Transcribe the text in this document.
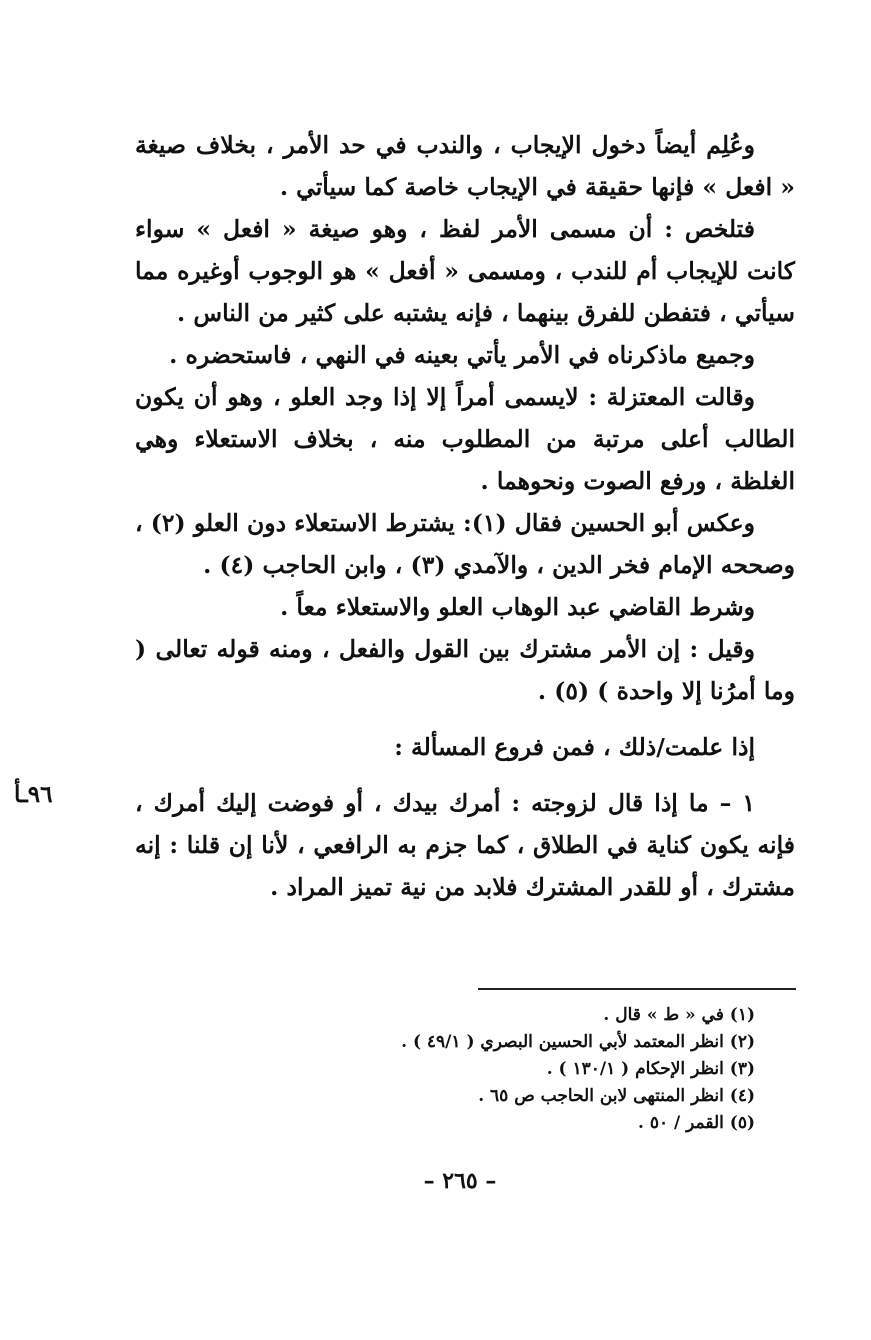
وعُلِم أيضاً دخول الإيجاب ، والندب في حد الأمر ، بخلاف صيغة « افعل » فإنها حقيقة في الإيجاب خاصة كما سيأتي .

فتلخص : أن مسمى الأمر لفظ ، وهو صيغة « افعل » سواء كانت للإيجاب أم للندب ، ومسمى « أفعل » هو الوجوب أوغيره مما سيأتي ، فتفطن للفرق بينهما ، فإنه يشتبه على كثير من الناس .

وجميع ماذكرناه في الأمر يأتي بعينه في النهي ، فاستحضره .

وقالت المعتزلة : لايسمى أمراً إلا إذا وجد العلو ، وهو أن يكون الطالب أعلى مرتبة من المطلوب منه ، بخلاف الاستعلاء وهي الغلظة ، ورفع الصوت ونحوهما .

وعكس أبو الحسين فقال (١): يشترط الاستعلاء دون العلو (٢) ، وصححه الإمام فخر الدين ، والآمدي (٣) ، وابن الحاجب (٤) .

وشرط القاضي عبد الوهاب العلو والاستعلاء معاً .

وقيل : إن الأمر مشترك بين القول والفعل ، ومنه قوله تعالى ( وما أمرُنا إلا واحدة ) (٥) .

إذا علمت/ذلك ، فمن فروع المسألة :

١ – ما إذا قال لزوجته : أمرك بيدك ، أو فوضت إليك أمرك ، فإنه يكون كناية في الطلاق ، كما جزم به الرافعي ، لأنا إن قلنا : إنه مشترك ، أو للقدر المشترك فلابد من نية تميز المراد .

٩٦ـأ
(١) في « ط » قال .
(٢) انظر المعتمد لأبي الحسين البصري ( ٤٩/١ ) .
(٣) انظر الإحكام ( ١٣٠/١ ) .
(٤) انظر المنتهى لابن الحاجب ص ٦٥ .
(٥) القمر / ٥٠ .
– ٢٦٥ –
